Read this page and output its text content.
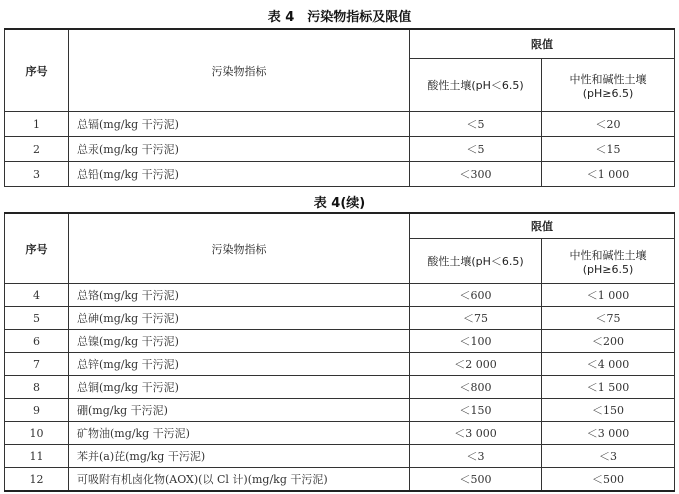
表 4　污染物指标及限值
序号	污染物指标	限值	
		酸性土壤(pH＜6.5)	中性和碱性土壤
(pH≥6.5)

1	总镉(mg/kg 干污泥)	＜5	＜20
2	总汞(mg/kg 干污泥)	＜5	＜15
3	总铅(mg/kg 干污泥)	＜300	＜1 000
表 4(续)
序号	污染物指标	限值	
		酸性土壤(pH＜6.5)	中性和碱性土壤
(pH≥6.5)

4	总铬(mg/kg 干污泥)	＜600	＜1 000
5	总砷(mg/kg 干污泥)	＜75	＜75
6	总镍(mg/kg 干污泥)	＜100	＜200
7	总锌(mg/kg 干污泥)	＜2 000	＜4 000
8	总铜(mg/kg 干污泥)	＜800	＜1 500
9	硼(mg/kg 干污泥)	＜150	＜150
10	矿物油(mg/kg 干污泥)	＜3 000	＜3 000
11	苯并(a)芘(mg/kg 干污泥)	＜3	＜3
12	可吸附有机卤化物(AOX)(以 Cl 计)(mg/kg 干污泥)	＜500	＜500
